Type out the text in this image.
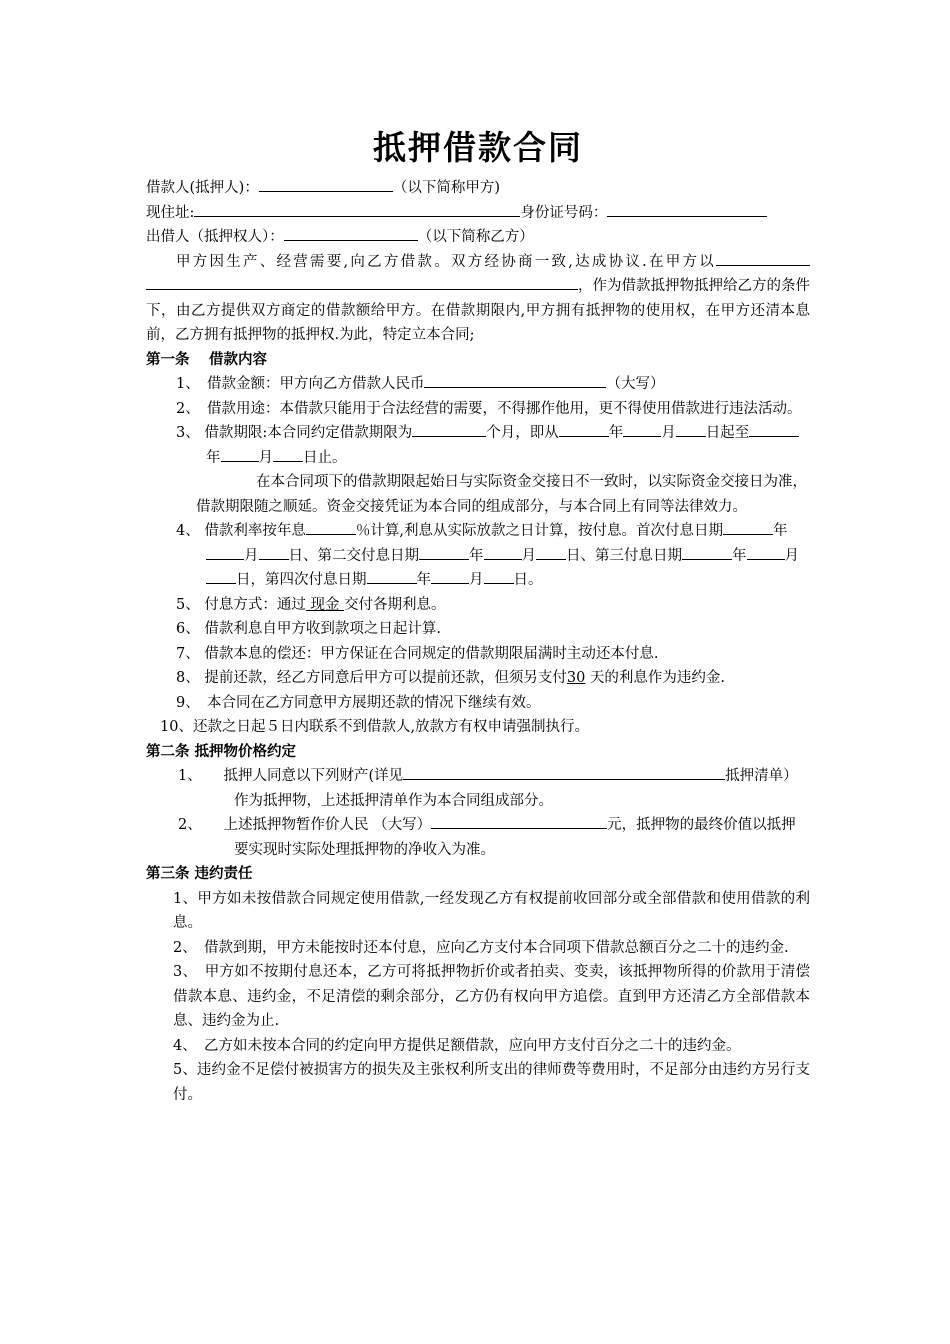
抵押借款合同
借款人(抵押人)：	（以下简称甲方)
现住址:	身份证号码：
出借人（抵押权人）：	（以下简称乙方）
甲方因生产、经营需要,向乙方借款。双方经协商一致,达成协议.在甲方以，作为借款抵押物抵押给乙方的条件下，由乙方提供双方商定的借款额给甲方。在借款期限内,甲方拥有抵押物的使用权，在甲方还清本息前，乙方拥有抵押物的抵押权.为此，特定立本合同;
第一条　 借款内容
1、　借款金额：甲方向乙方借款人民币	（大写）
2、　借款用途：本借款只能用于合法经营的需要，不得挪作他用，更不得使用借款进行违法活动。
3、 借款期限:本合同约定借款期限为	个月，即从	年	月 日起至年	月 日止。
在本合同项下的借款期限起始日与实际资金交接日不一致时，以实际资金交接日为准，借款期限随之顺延。资金交接凭证为本合同的组成部分，与本合同上有同等法律效力。
4、 借款利率按年息	％计算,利息从实际放款之日计算，按付息。首次付息日期	年月 日、第二交付息日期	年	月 日、第三付息日期	年	月日，第四次付息日期	年	月 日。
5、 付息方式：通过 现金 交付各期利息。
6、 借款利息自甲方收到款项之日起计算.
7、 借款本息的偿还：甲方保证在合同规定的借款期限届满时主动还本付息.
8、 提前还款，经乙方同意后甲方可以提前还款，但须另支付30 天的利息作为违约金.
9、　本合同在乙方同意甲方展期还款的情况下继续有效。
10、还款之日起５日内联系不到借款人,放款方有权申请强制执行。
第二条 抵押物价格约定
1、　　抵押人同意以下列财产(详见	抵押清单）作为抵押物，上述抵押清单作为本合同组成部分。
2、　　上述抵押物暂作价人民 （大写）	元，抵押物的最终价值以抵押要实现时实际处理抵押物的净收入为准。
第三条 违约责任
1、甲方如未按借款合同规定使用借款,一经发现乙方有权提前收回部分或全部借款和使用借款的利息。
2、　借款到期，甲方未能按时还本付息，应向乙方支付本合同项下借款总额百分之二十的违约金.
3、　甲方如不按期付息还本，乙方可将抵押物折价或者拍卖、变卖，该抵押物所得的价款用于清偿借款本息、违约金，不足清偿的剩余部分，乙方仍有权向甲方追偿。直到甲方还清乙方全部借款本息、违约金为止.
4、　乙方如未按本合同的约定向甲方提供足额借款，应向甲方支付百分之二十的违约金。
5、违约金不足偿付被损害方的损失及主张权利所支出的律师费等费用时，不足部分由违约方另行支付。
